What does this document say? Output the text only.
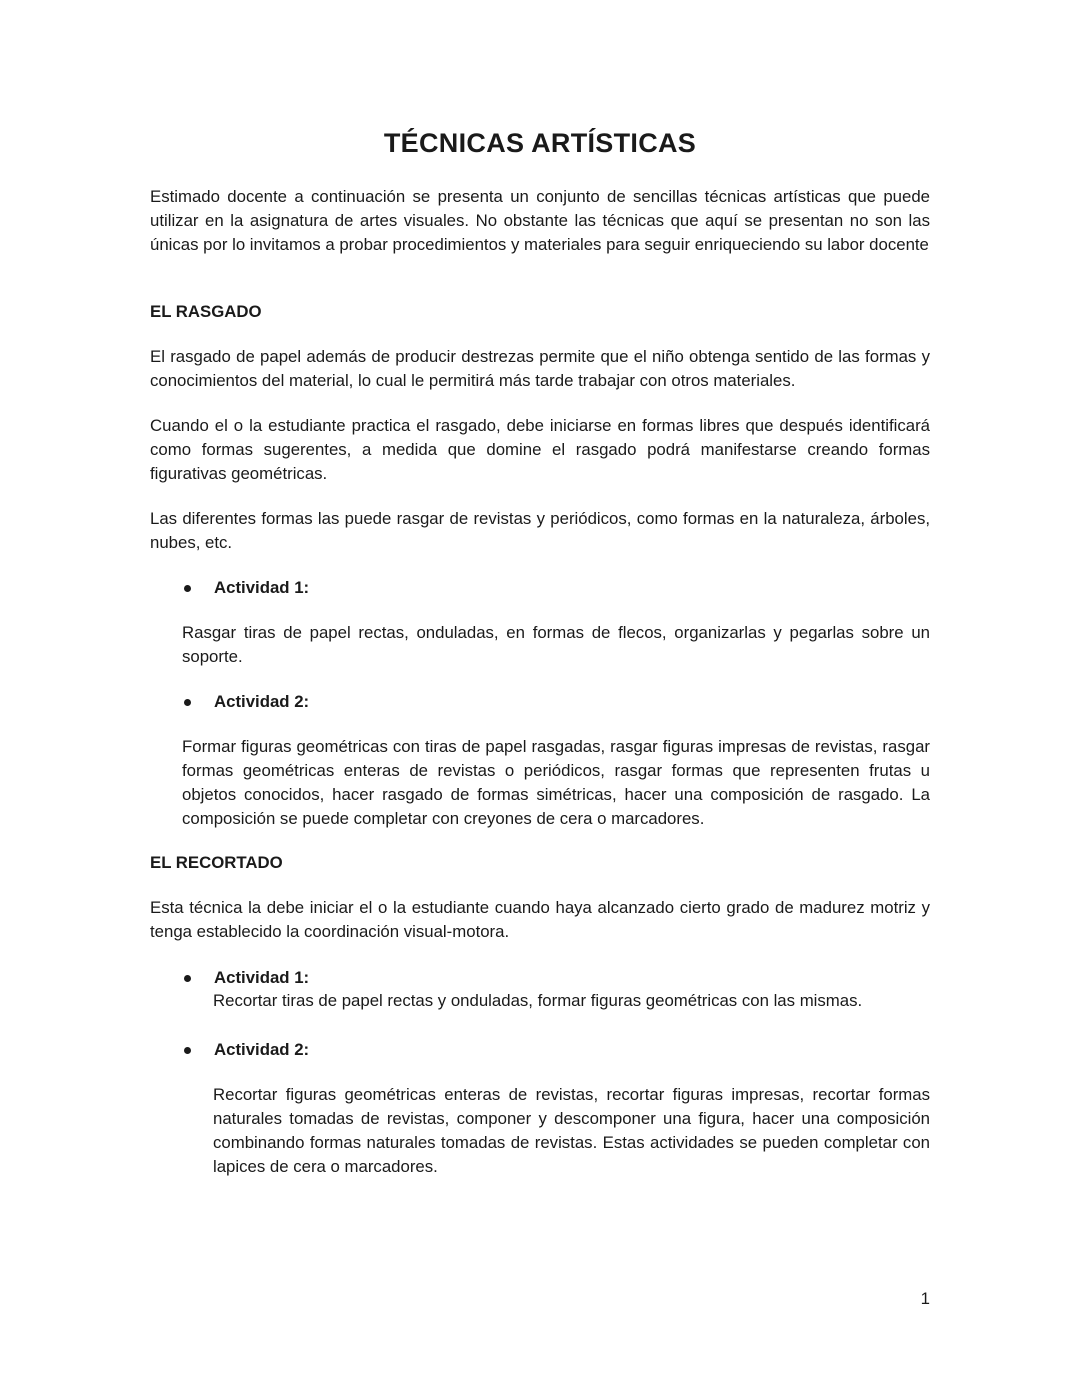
TÉCNICAS ARTÍSTICAS

Estimado docente a continuación se presenta un conjunto de sencillas técnicas artísticas que puede utilizar en la asignatura de artes visuales. No obstante las técnicas que aquí se presentan no son las únicas por lo invitamos a probar procedimientos y materiales para seguir enriqueciendo su labor docente

EL RASGADO

El rasgado de papel además de producir destrezas permite que el niño obtenga sentido de las formas y conocimientos del material, lo cual le permitirá más tarde trabajar con otros materiales.

Cuando el o la estudiante practica el rasgado, debe iniciarse en formas libres que después identificará como formas sugerentes, a medida que domine el rasgado podrá manifestarse creando formas figurativas geométricas.

Las diferentes formas las puede rasgar de revistas y periódicos, como formas en la naturaleza, árboles, nubes, etc.

Actividad 1:

Rasgar tiras de papel rectas, onduladas, en formas de flecos, organizarlas y pegarlas sobre un soporte.

Actividad 2:

Formar figuras geométricas con tiras de papel rasgadas, rasgar figuras impresas de revistas, rasgar formas geométricas enteras de revistas o periódicos, rasgar formas que representen frutas u objetos conocidos, hacer rasgado de formas simétricas, hacer una composición de rasgado. La composición se puede completar con creyones de cera o marcadores.

EL RECORTADO

Esta técnica la debe iniciar el o la estudiante cuando haya alcanzado cierto grado de madurez motriz y tenga establecido la coordinación visual-motora.

Actividad 1:

Recortar tiras de papel rectas y onduladas, formar figuras geométricas con las mismas.

Actividad 2:

Recortar figuras geométricas enteras de revistas, recortar figuras impresas, recortar formas naturales tomadas de revistas, componer y descomponer una figura, hacer una composición combinando formas naturales tomadas de revistas. Estas actividades se pueden completar con lapices de cera o marcadores.

1
